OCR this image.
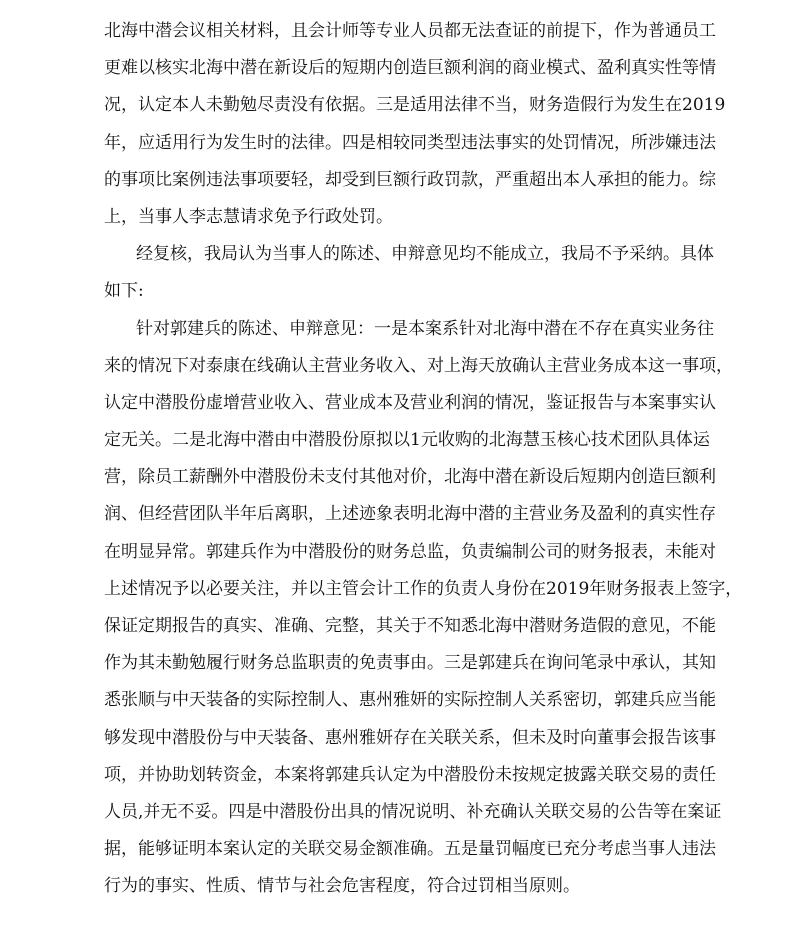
北海中潜会议相关材料，且会计师等专业人员都无法查证的前提下，作为普通员工
更难以核实北海中潜在新设后的短期内创造巨额利润的商业模式、盈利真实性等情
况，认定本人未勤勉尽责没有依据。三是适用法律不当，财务造假行为发生在2019
年，应适用行为发生时的法律。四是相较同类型违法事实的处罚情况，所涉嫌违法
的事项比案例违法事项要轻，却受到巨额行政罚款，严重超出本人承担的能力。综
上，当事人李志慧请求免予行政处罚。
经复核，我局认为当事人的陈述、申辩意见均不能成立，我局不予采纳。具体
如下:
针对郭建兵的陈述、申辩意见：一是本案系针对北海中潜在不存在真实业务往
来的情况下对泰康在线确认主营业务收入、对上海天放确认主营业务成本这一事项，
认定中潜股份虚增营业收入、营业成本及营业利润的情况，鉴证报告与本案事实认
定无关。二是北海中潜由中潜股份原拟以1元收购的北海慧玉核心技术团队具体运
营，除员工薪酬外中潜股份未支付其他对价，北海中潜在新设后短期内创造巨额利
润、但经营团队半年后离职，上述迹象表明北海中潜的主营业务及盈利的真实性存
在明显异常。郭建兵作为中潜股份的财务总监，负责编制公司的财务报表，未能对
上述情况予以必要关注，并以主管会计工作的负责人身份在2019年财务报表上签字，
保证定期报告的真实、准确、完整，其关于不知悉北海中潜财务造假的意见，不能
作为其未勤勉履行财务总监职责的免责事由。三是郭建兵在询问笔录中承认，其知
悉张顺与中天装备的实际控制人、惠州雅妍的实际控制人关系密切，郭建兵应当能
够发现中潜股份与中天装备、惠州雅妍存在关联关系，但未及时向董事会报告该事
项，并协助划转资金，本案将郭建兵认定为中潜股份未按规定披露关联交易的责任
人员,并无不妥。四是中潜股份出具的情况说明、补充确认关联交易的公告等在案证
据，能够证明本案认定的关联交易金额准确。五是量罚幅度已充分考虑当事人违法
行为的事实、性质、情节与社会危害程度，符合过罚相当原则。
